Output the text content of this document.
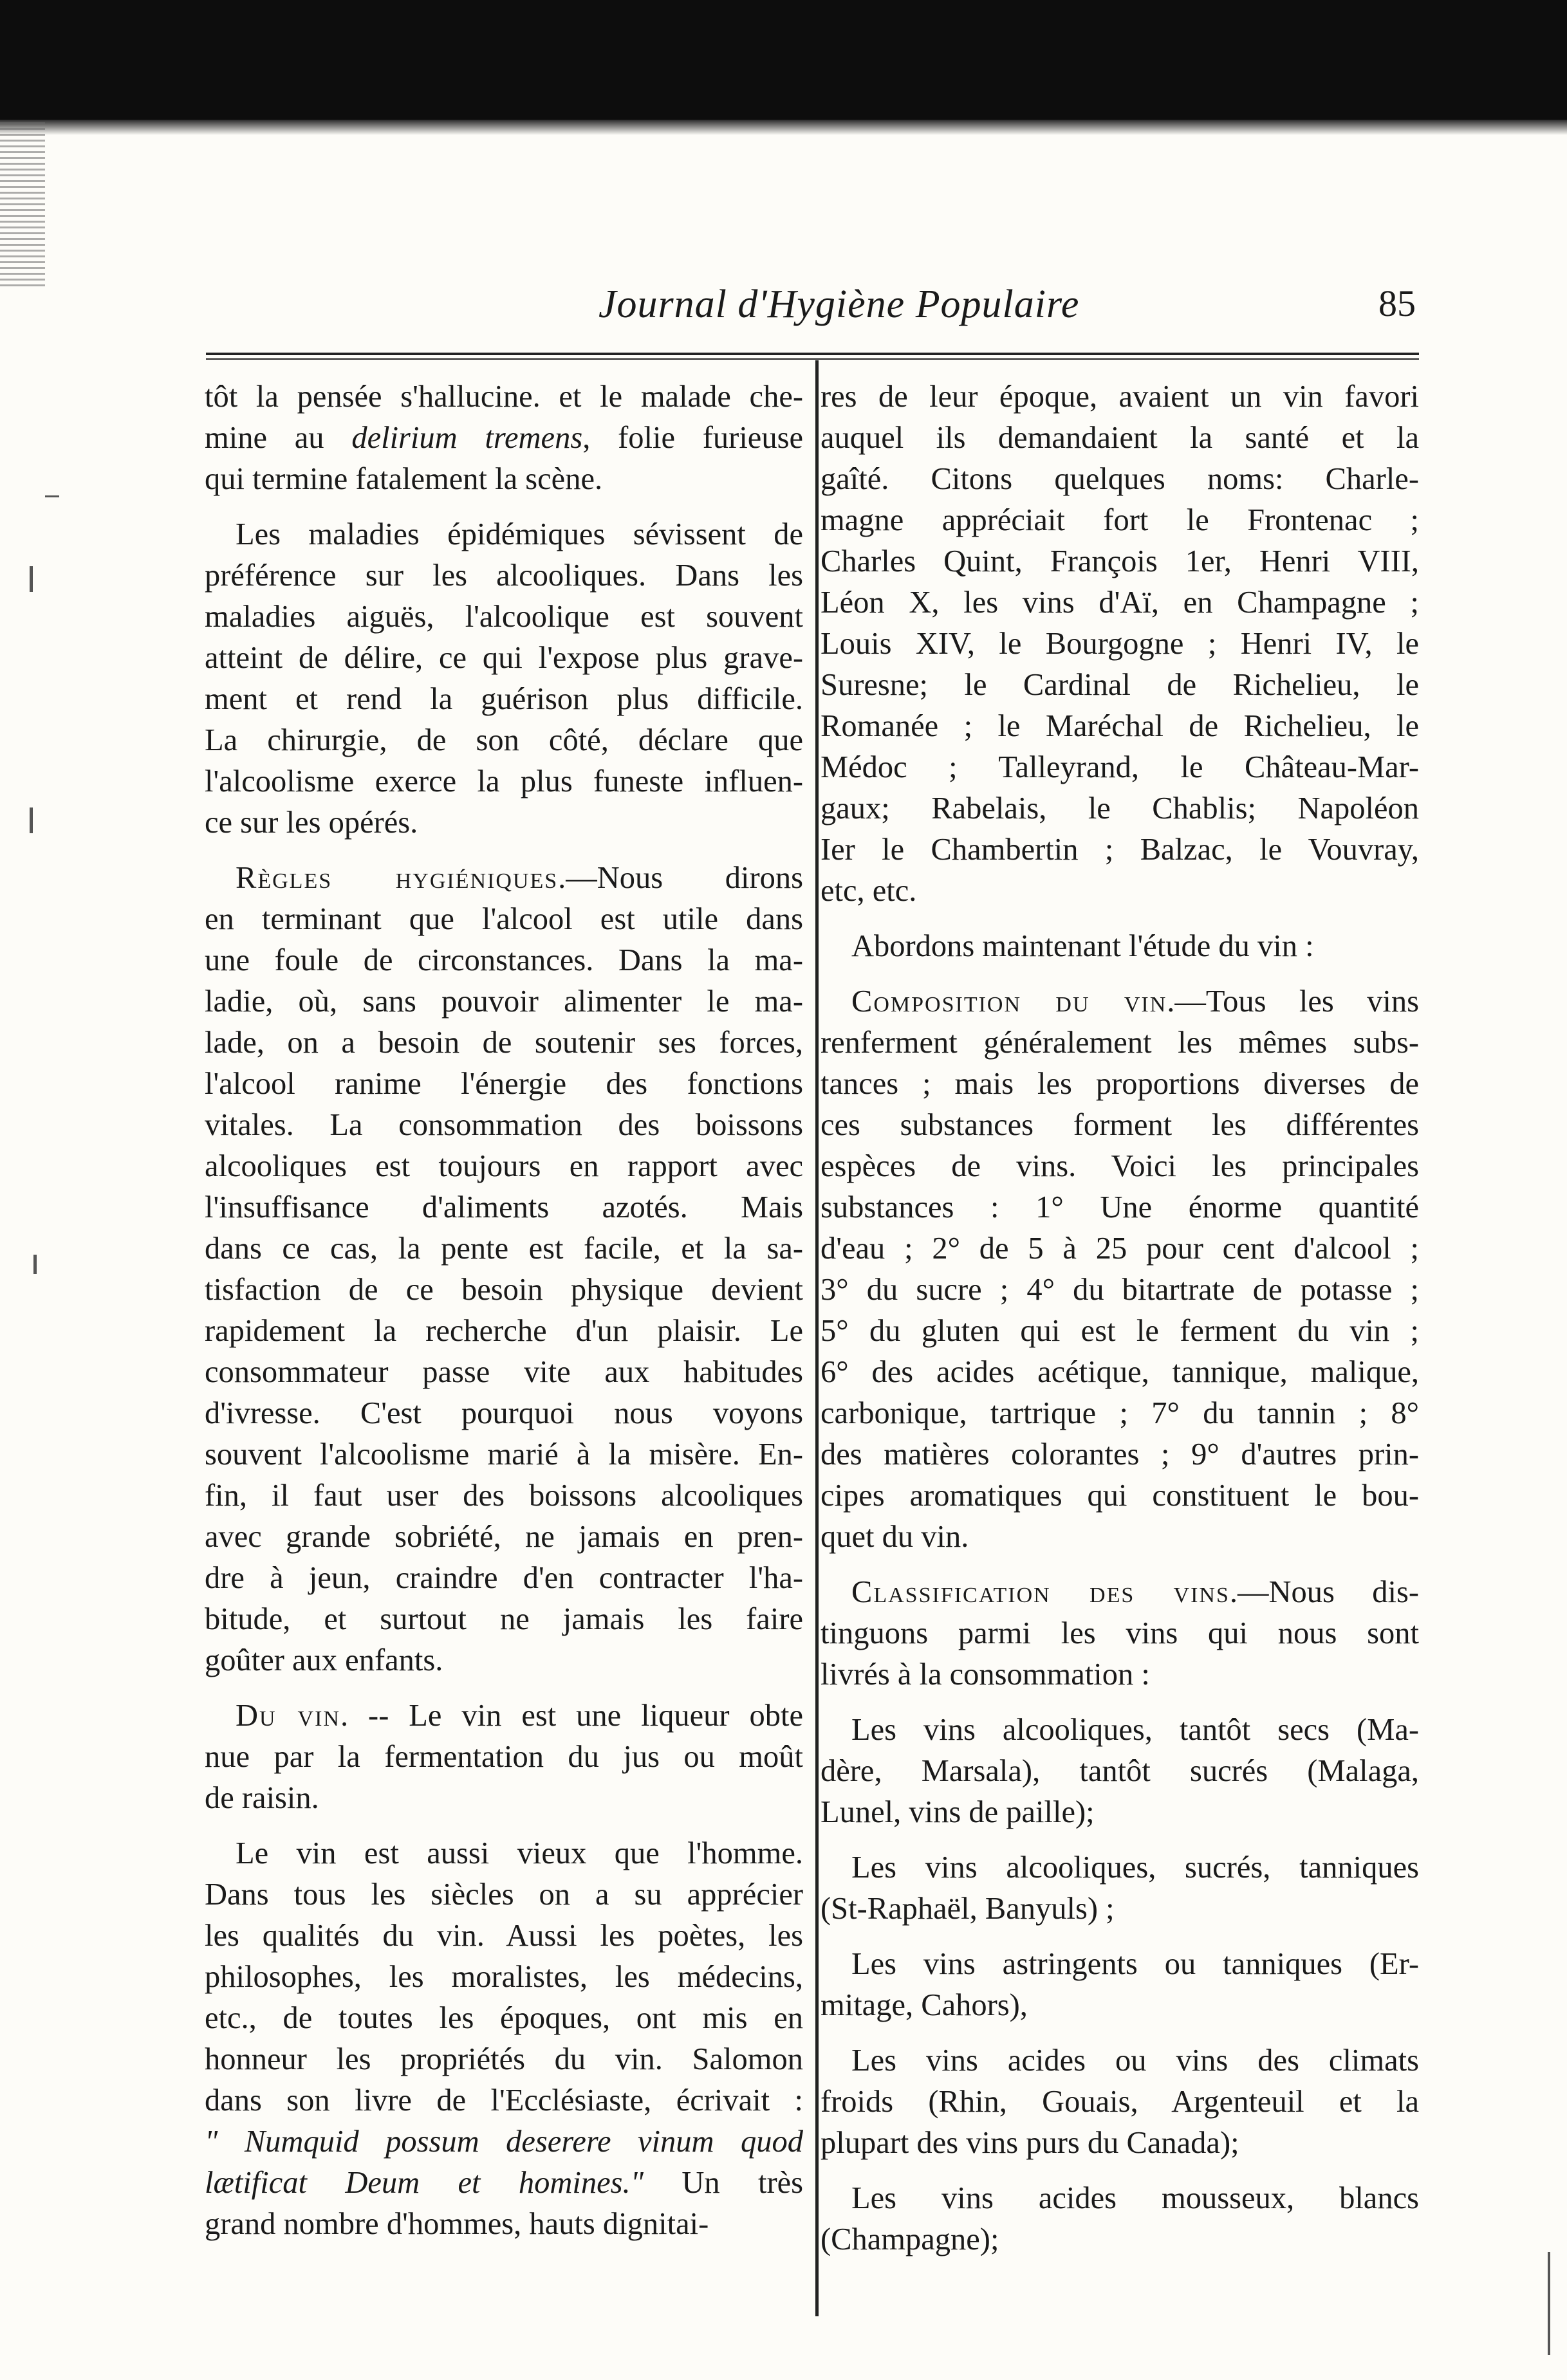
Journal d'Hygiène Populaire	85
tôt la pensée s'hallucine. et le malade che-
mine au delirium tremens, folie furieuse
qui termine fatalement la scène.
Les maladies épidémiques sévissent de
préférence sur les alcooliques. Dans les
maladies aiguës, l'alcoolique est souvent
atteint de délire, ce qui l'expose plus grave-
ment et rend la guérison plus difficile.
La chirurgie, de son côté, déclare que
l'alcoolisme exerce la plus funeste influen-
ce sur les opérés.
Règles hygiéniques.—Nous dirons
en terminant que l'alcool est utile dans
une foule de circonstances. Dans la ma-
ladie, où, sans pouvoir alimenter le ma-
lade, on a besoin de soutenir ses forces,
l'alcool ranime l'énergie des fonctions
vitales. La consommation des boissons
alcooliques est toujours en rapport avec
l'insuffisance d'aliments azotés. Mais
dans ce cas, la pente est facile, et la sa-
tisfaction de ce besoin physique devient
rapidement la recherche d'un plaisir. Le
consommateur passe vite aux habitudes
d'ivresse. C'est pourquoi nous voyons
souvent l'alcoolisme marié à la misère. En-
fin, il faut user des boissons alcooliques
avec grande sobriété, ne jamais en pren-
dre à jeun, craindre d'en contracter l'ha-
bitude, et surtout ne jamais les faire
goûter aux enfants.
Du vin. -- Le vin est une liqueur obte
nue par la fermentation du jus ou moût
de raisin.
Le vin est aussi vieux que l'homme.
Dans tous les siècles on a su apprécier
les qualités du vin. Aussi les poètes, les
philosophes, les moralistes, les médecins,
etc., de toutes les époques, ont mis en
honneur les propriétés du vin. Salomon
dans son livre de l'Ecclésiaste, écrivait :
" Numquid possum deserere vinum quod
lætificat Deum et homines." Un très
grand nombre d'hommes, hauts dignitai-
res de leur époque, avaient un vin favori
auquel ils demandaient la santé et la
gaîté. Citons quelques noms: Charle-
magne appréciait fort le Frontenac ;
Charles Quint, François 1er, Henri VIII,
Léon X, les vins d'Aï, en Champagne ;
Louis XIV, le Bourgogne ; Henri IV, le
Suresne; le Cardinal de Richelieu, le
Romanée ; le Maréchal de Richelieu, le
Médoc ; Talleyrand, le Château-Mar-
gaux; Rabelais, le Chablis; Napoléon
Ier le Chambertin ; Balzac, le Vouvray,
etc, etc.
Abordons maintenant l'étude du vin :
Composition du vin.—Tous les vins
renferment généralement les mêmes subs-
tances ; mais les proportions diverses de
ces substances forment les différentes
espèces de vins. Voici les principales
substances : 1° Une énorme quantité
d'eau ; 2° de 5 à 25 pour cent d'alcool ;
3° du sucre ; 4° du bitartrate de potasse ;
5° du gluten qui est le ferment du vin ;
6° des acides acétique, tannique, malique,
carbonique, tartrique ; 7° du tannin ; 8°
des matières colorantes ; 9° d'autres prin-
cipes aromatiques qui constituent le bou-
quet du vin.
Classification des vins.—Nous dis-
tinguons parmi les vins qui nous sont
livrés à la consommation :
Les vins alcooliques, tantôt secs (Ma-
dère, Marsala), tantôt sucrés (Malaga,
Lunel, vins de paille);
Les vins alcooliques, sucrés, tanniques
(St-Raphaël, Banyuls) ;
Les vins astringents ou tanniques (Er-
mitage, Cahors),
Les vins acides ou vins des climats
froids (Rhin, Gouais, Argenteuil et la
plupart des vins purs du Canada);
Les vins acides mousseux, blancs
(Champagne);
